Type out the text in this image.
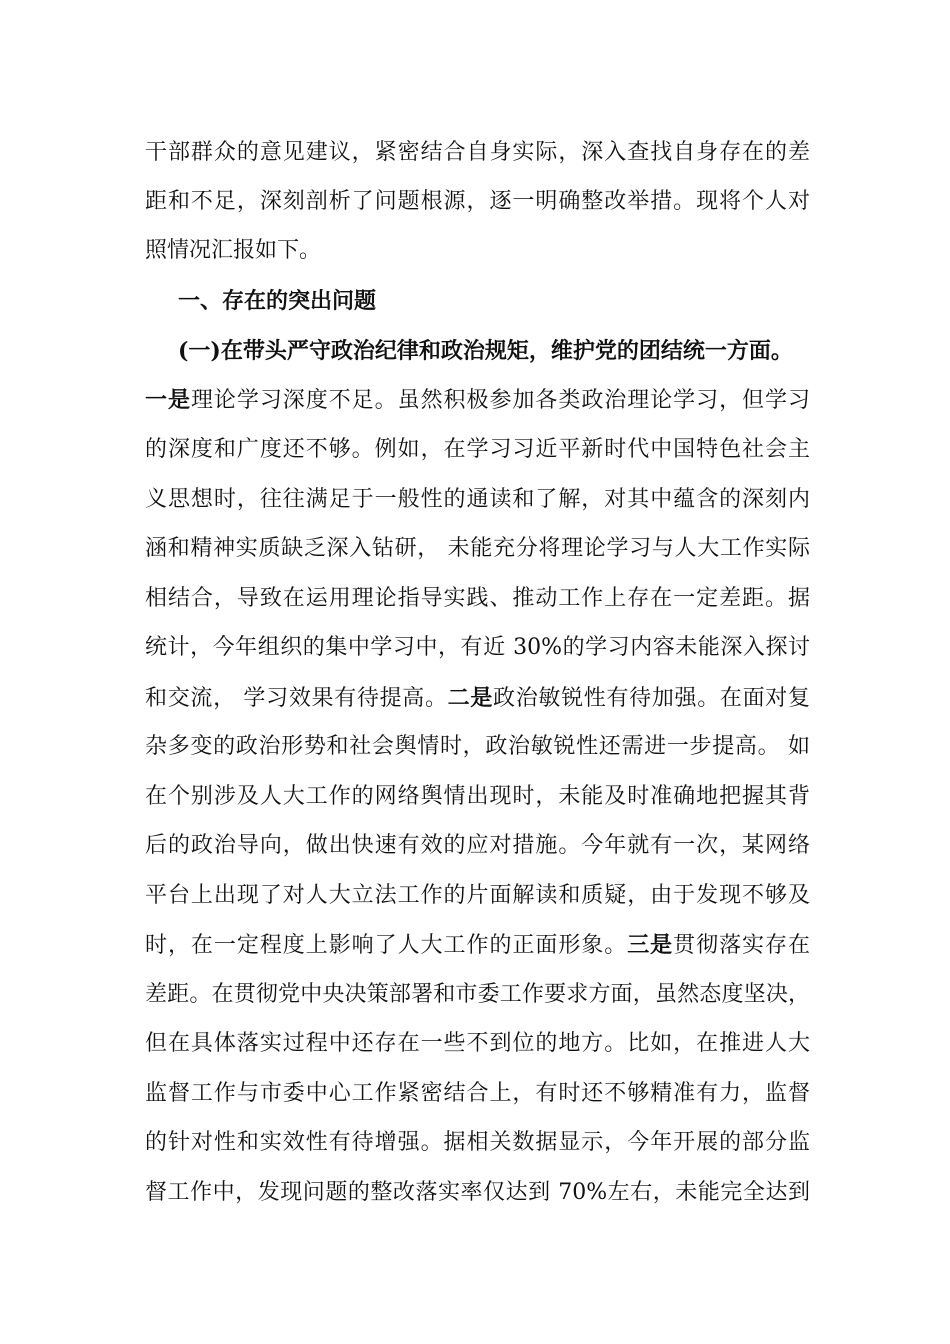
干部群众的意见建议，紧密结合自身实际，深入查找自身存在的差
距和不足，深刻剖析了问题根源，逐一明确整改举措。现将个人对
照情况汇报如下。
一、存在的突出问题
(一)在带头严守政治纪律和政治规矩，维护党的团结统一方面。
一是理论学习深度不足。虽然积极参加各类政治理论学习，但学习
的深度和广度还不够。例如，在学习习近平新时代中国特色社会主
义思想时，往往满足于一般性的通读和了解，对其中蕴含的深刻内
涵和精神实质缺乏深入钻研， 未能充分将理论学习与人大工作实际
相结合，导致在运用理论指导实践、推动工作上存在一定差距。据
统计，今年组织的集中学习中，有近 30%的学习内容未能深入探讨
和交流， 学习效果有待提高。二是政治敏锐性有待加强。在面对复
杂多变的政治形势和社会舆情时，政治敏锐性还需进一步提高。 如
在个别涉及人大工作的网络舆情出现时，未能及时准确地把握其背
后的政治导向，做出快速有效的应对措施。今年就有一次，某网络
平台上出现了对人大立法工作的片面解读和质疑，由于发现不够及
时，在一定程度上影响了人大工作的正面形象。三是贯彻落实存在
差距。在贯彻党中央决策部署和市委工作要求方面，虽然态度坚决，
但在具体落实过程中还存在一些不到位的地方。比如，在推进人大
监督工作与市委中心工作紧密结合上，有时还不够精准有力，监督
的针对性和实效性有待增强。据相关数据显示，今年开展的部分监
督工作中，发现问题的整改落实率仅达到 70%左右，未能完全达到
